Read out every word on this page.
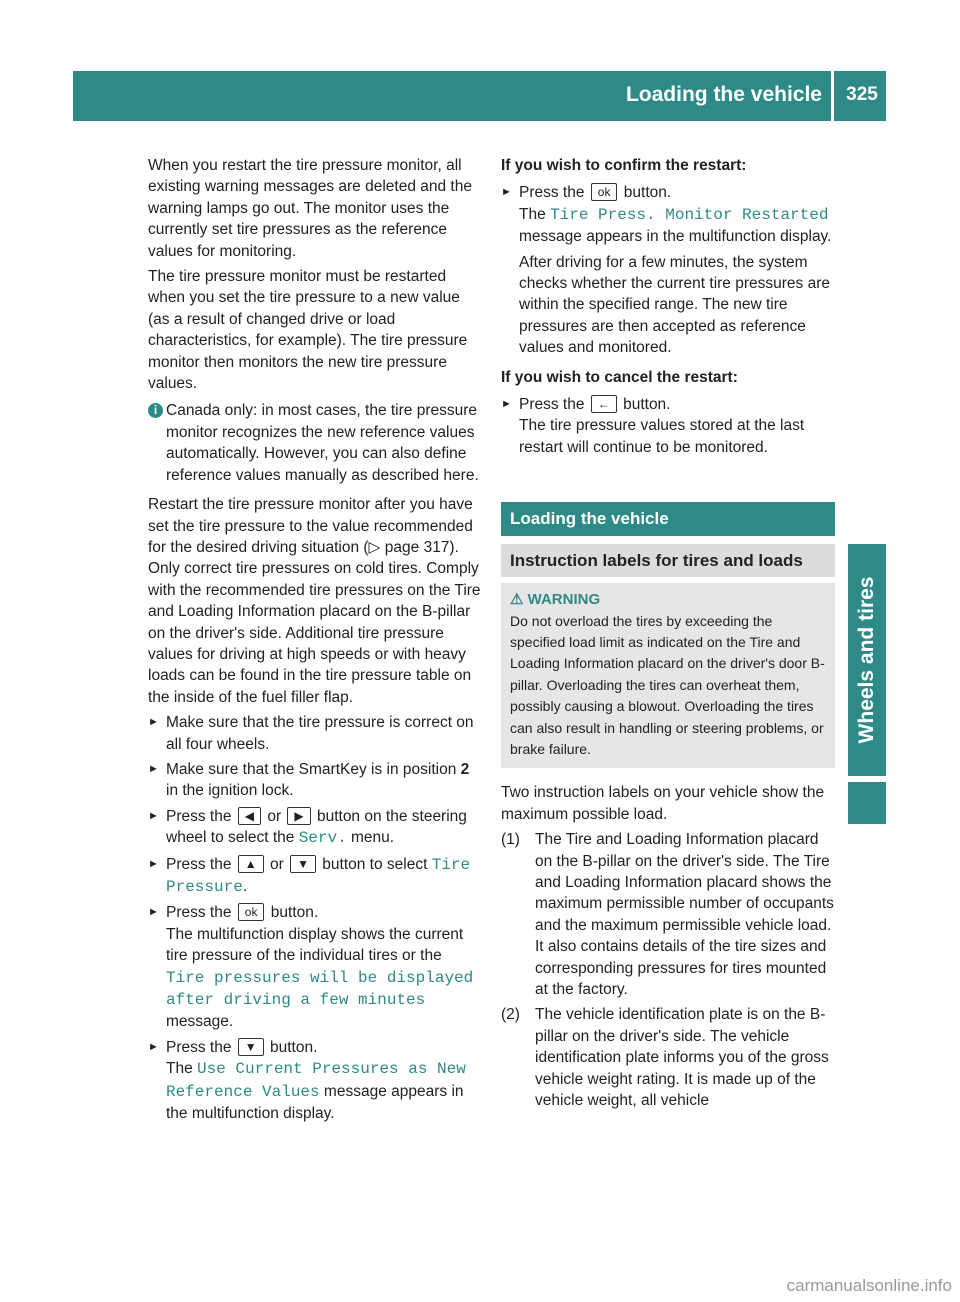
Loading the vehicle	325
Wheels and tires

When you restart the tire pressure monitor, all existing warning messages are deleted and the warning lamps go out. The monitor uses the currently set tire pressures as the reference values for monitoring.

The tire pressure monitor must be restarted when you set the tire pressure to a new value (as a result of changed drive or load characteristics, for example). The tire pressure monitor then monitors the new tire pressure values.

i Canada only: in most cases, the tire pressure monitor recognizes the new reference values automatically. However, you can also define reference values manually as described here.

Restart the tire pressure monitor after you have set the tire pressure to the value recommended for the desired driving situation (▷ page 317). Only correct tire pressures on cold tires. Comply with the recommended tire pressures on the Tire and Loading Information placard on the B-pillar on the driver's side. Additional tire pressure values for driving at high speeds or with heavy loads can be found in the tire pressure table on the inside of the fuel filler flap.

► Make sure that the tire pressure is correct on all four wheels.
► Make sure that the SmartKey is in position 2 in the ignition lock.
► Press the ◀ or ▶ button on the steering wheel to select the Serv. menu.
► Press the ▲ or ▼ button to select Tire Pressure.
► Press the ok button.
The multifunction display shows the current tire pressure of the individual tires or the Tire pressures will be displayed after driving a few minutes message.
► Press the ▼ button.
The Use Current Pressures as New Reference Values message appears in the multifunction display.
If you wish to confirm the restart:
► Press the ok button.
The Tire Press. Monitor Restarted message appears in the multifunction display.
After driving for a few minutes, the system checks whether the current tire pressures are within the specified range. The new tire pressures are then accepted as reference values and monitored.
If you wish to cancel the restart:
► Press the ← button.
The tire pressure values stored at the last restart will continue to be monitored.
Loading the vehicle
Instruction labels for tires and loads
⚠ WARNING
Do not overload the tires by exceeding the specified load limit as indicated on the Tire and Loading Information placard on the driver's door B-pillar. Overloading the tires can overheat them, possibly causing a blowout. Overloading the tires can also result in handling or steering problems, or brake failure.

Two instruction labels on your vehicle show the maximum possible load.

(1) The Tire and Loading Information placard on the B-pillar on the driver's side. The Tire and Loading Information placard shows the maximum permissible number of occupants and the maximum permissible vehicle load. It also contains details of the tire sizes and corresponding pressures for tires mounted at the factory.
(2) The vehicle identification plate is on the B-pillar on the driver's side. The vehicle identification plate informs you of the gross vehicle weight rating. It is made up of the vehicle weight, all vehicle
carmanualsonline.info
